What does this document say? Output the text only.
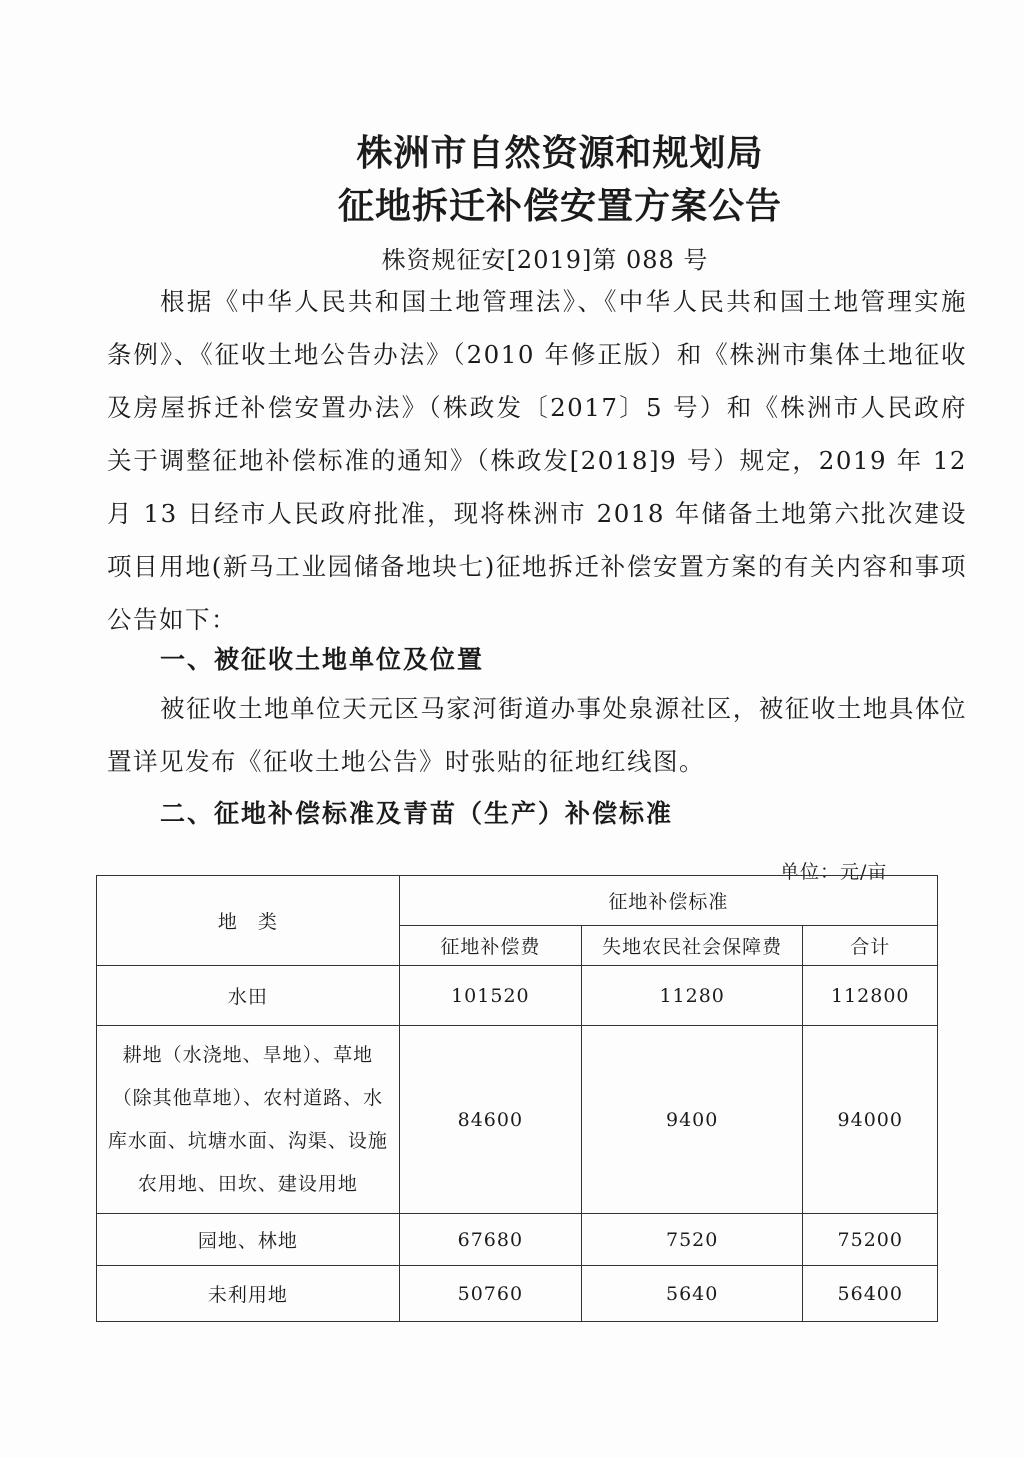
株洲市自然资源和规划局
征地拆迁补偿安置方案公告
株资规征安[2019]第 088 号

根据《中华人民共和国土地管理法》、《中华人民共和国土地管理实施条例》、《征收土地公告办法》（2010 年修正版）和《株洲市集体土地征收及房屋拆迁补偿安置办法》（株政发〔2017〕5 号）和《株洲市人民政府关于调整征地补偿标准的通知》（株政发[2018]9 号）规定，2019 年 12 月 13 日经市人民政府批准，现将株洲市 2018 年储备土地第六批次建设项目用地(新马工业园储备地块七)征地拆迁补偿安置方案的有关内容和事项公告如下：

一、被征收土地单位及位置

被征收土地单位天元区马家河街道办事处泉源社区，被征收土地具体位置详见发布《征收土地公告》时张贴的征地红线图。

二、征地补偿标准及青苗（生产）补偿标准
单位：元/亩
地　类	征地补偿标准		
	征地补偿费	失地农民社会保障费	合计
水田	101520	11280	112800
耕地（水浇地、旱地）、草地（除其他草地）、农村道路、水库水面、坑塘水面、沟渠、设施农用地、田坎、建设用地	84600	9400	94000
园地、林地	67680	7520	75200
未利用地	50760	5640	56400
